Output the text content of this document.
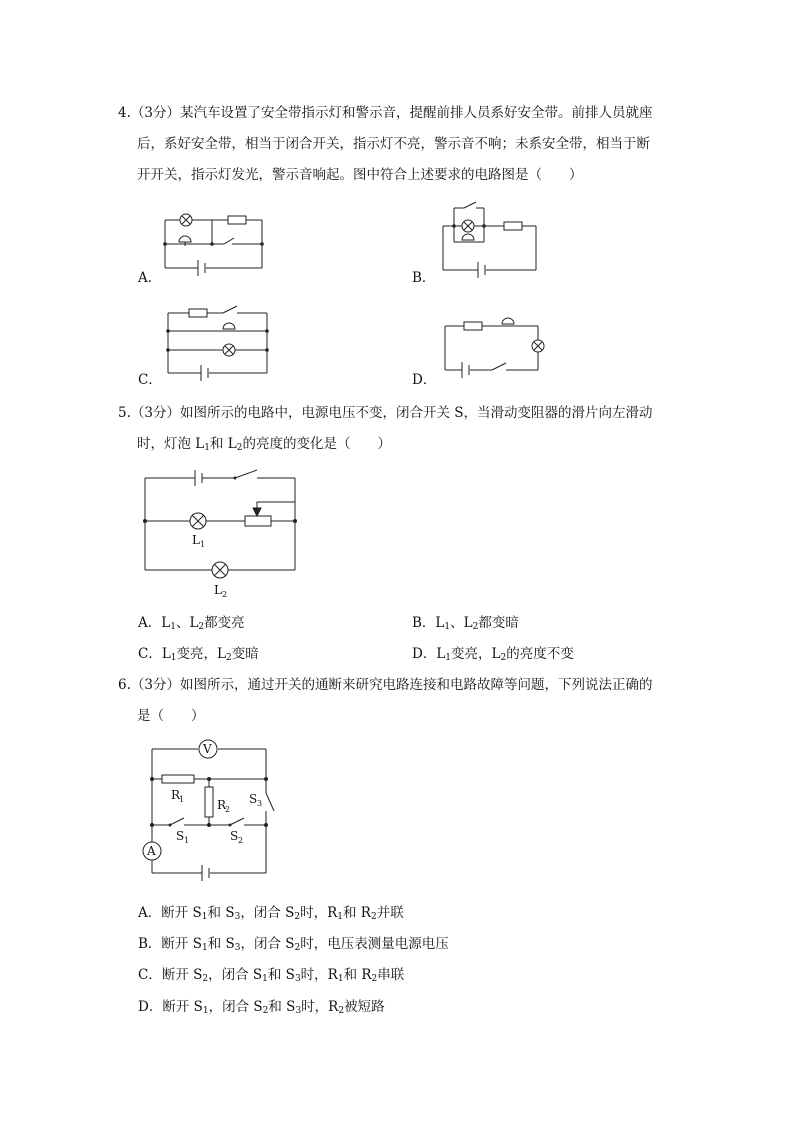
4.（3分）某汽车设置了安全带指示灯和警示音，提醒前排人员系好安全带。前排人员就座

后，系好安全带，相当于闭合开关，指示灯不亮，警示音不响；未系安全带，相当于断

开开关，指示灯发光，警示音响起。图中符合上述要求的电路图是（　　）

A．	B．
C．	D．

5.（3分）如图所示的电路中，电源电压不变，闭合开关 S，当滑动变阻器的滑片向左滑动

时，灯泡 $L_1$和 $L_2$的亮度的变化是（　　）

L 1
L 2
A．$L_1$、$L_2$都变亮	B．$L_1$、$L_2$都变暗
C．$L_1$变亮，$L_2$变暗	D．$L_1$变亮，$L_2$的亮度不变

6.（3分）如图所示，通过开关的通断来研究电路连接和电路故障等问题，下列说法正确的

是（　　）

V
R
1	R
2
S 3
S 1	S 2
A
A．断开 $S_1$和 $S_3$，闭合 $S_2$时，$R_1$和 $R_2$并联
B．断开 $S_1$和 $S_3$，闭合 $S_2$时，电压表测量电源电压
C．断开 $S_2$，闭合 $S_1$和 $S_3$时，$R_1$和 $R_2$串联
D．断开 $S_1$，闭合 $S_2$和 $S_3$时，$R_2$被短路
